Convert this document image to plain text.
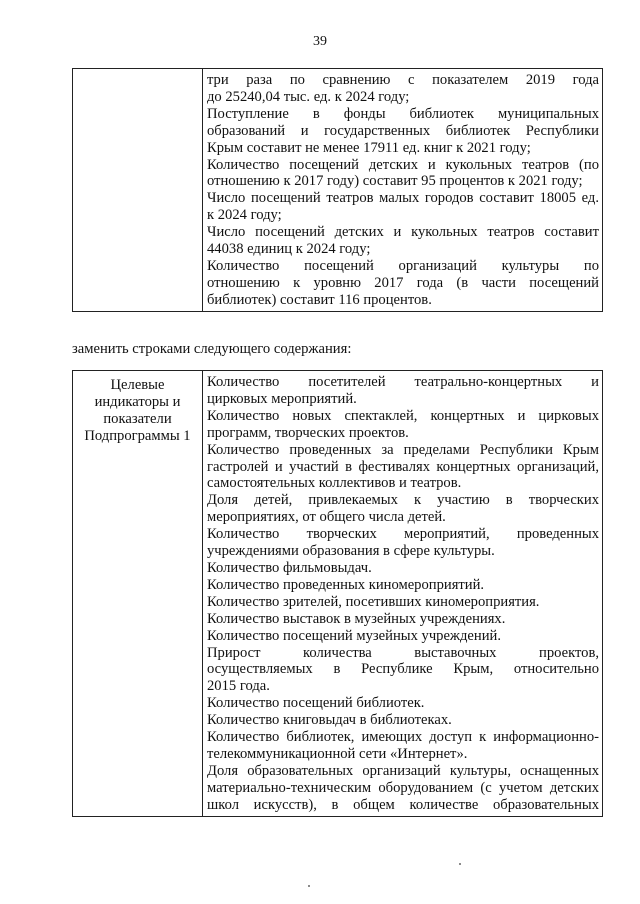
39

три раза по сравнению с показателем 2019 года
до 25240,04 тыс. ед. к 2024 году;
Поступление в фонды библиотек муниципальных
образований и государственных библиотек Республики
Крым составит не менее 17911 ед. книг к 2021 году;
Количество посещений детских и кукольных театров (по
отношению к 2017 году) составит 95 процентов к 2021 году;
Число посещений театров малых городов составит 18005 ед.
к 2024 году;
Число посещений детских и кукольных театров составит
44038 единиц к 2024 году;
Количество посещений организаций культуры по
отношению к уровню 2017 года (в части посещений
библиотек) составит 116 процентов.
заменить строками следующего содержания:
Целевые
индикаторы и
показатели
Подпрограммы 1

Количество посетителей театрально-концертных и
цирковых мероприятий.
Количество новых спектаклей, концертных и цирковых
программ, творческих проектов.
Количество проведенных за пределами Республики Крым
гастролей и участий в фестивалях концертных организаций,
самостоятельных коллективов и театров.
Доля детей, привлекаемых к участию в творческих
мероприятиях, от общего числа детей.
Количество творческих мероприятий, проведенных
учреждениями образования в сфере культуры.
Количество фильмовыдач.
Количество проведенных киномероприятий.
Количество зрителей, посетивших киномероприятия.
Количество выставок в музейных учреждениях.
Количество посещений музейных учреждений.
Прирост количества выставочных проектов,
осуществляемых в Республике Крым, относительно
2015 года.
Количество посещений библиотек.
Количество книговыдач в библиотеках.
Количество библиотек, имеющих доступ к информационно-
телекоммуникационной сети «Интернет».
Доля образовательных организаций культуры, оснащенных
материально-техническим оборудованием (с учетом детских
школ искусств), в общем количестве образовательных
